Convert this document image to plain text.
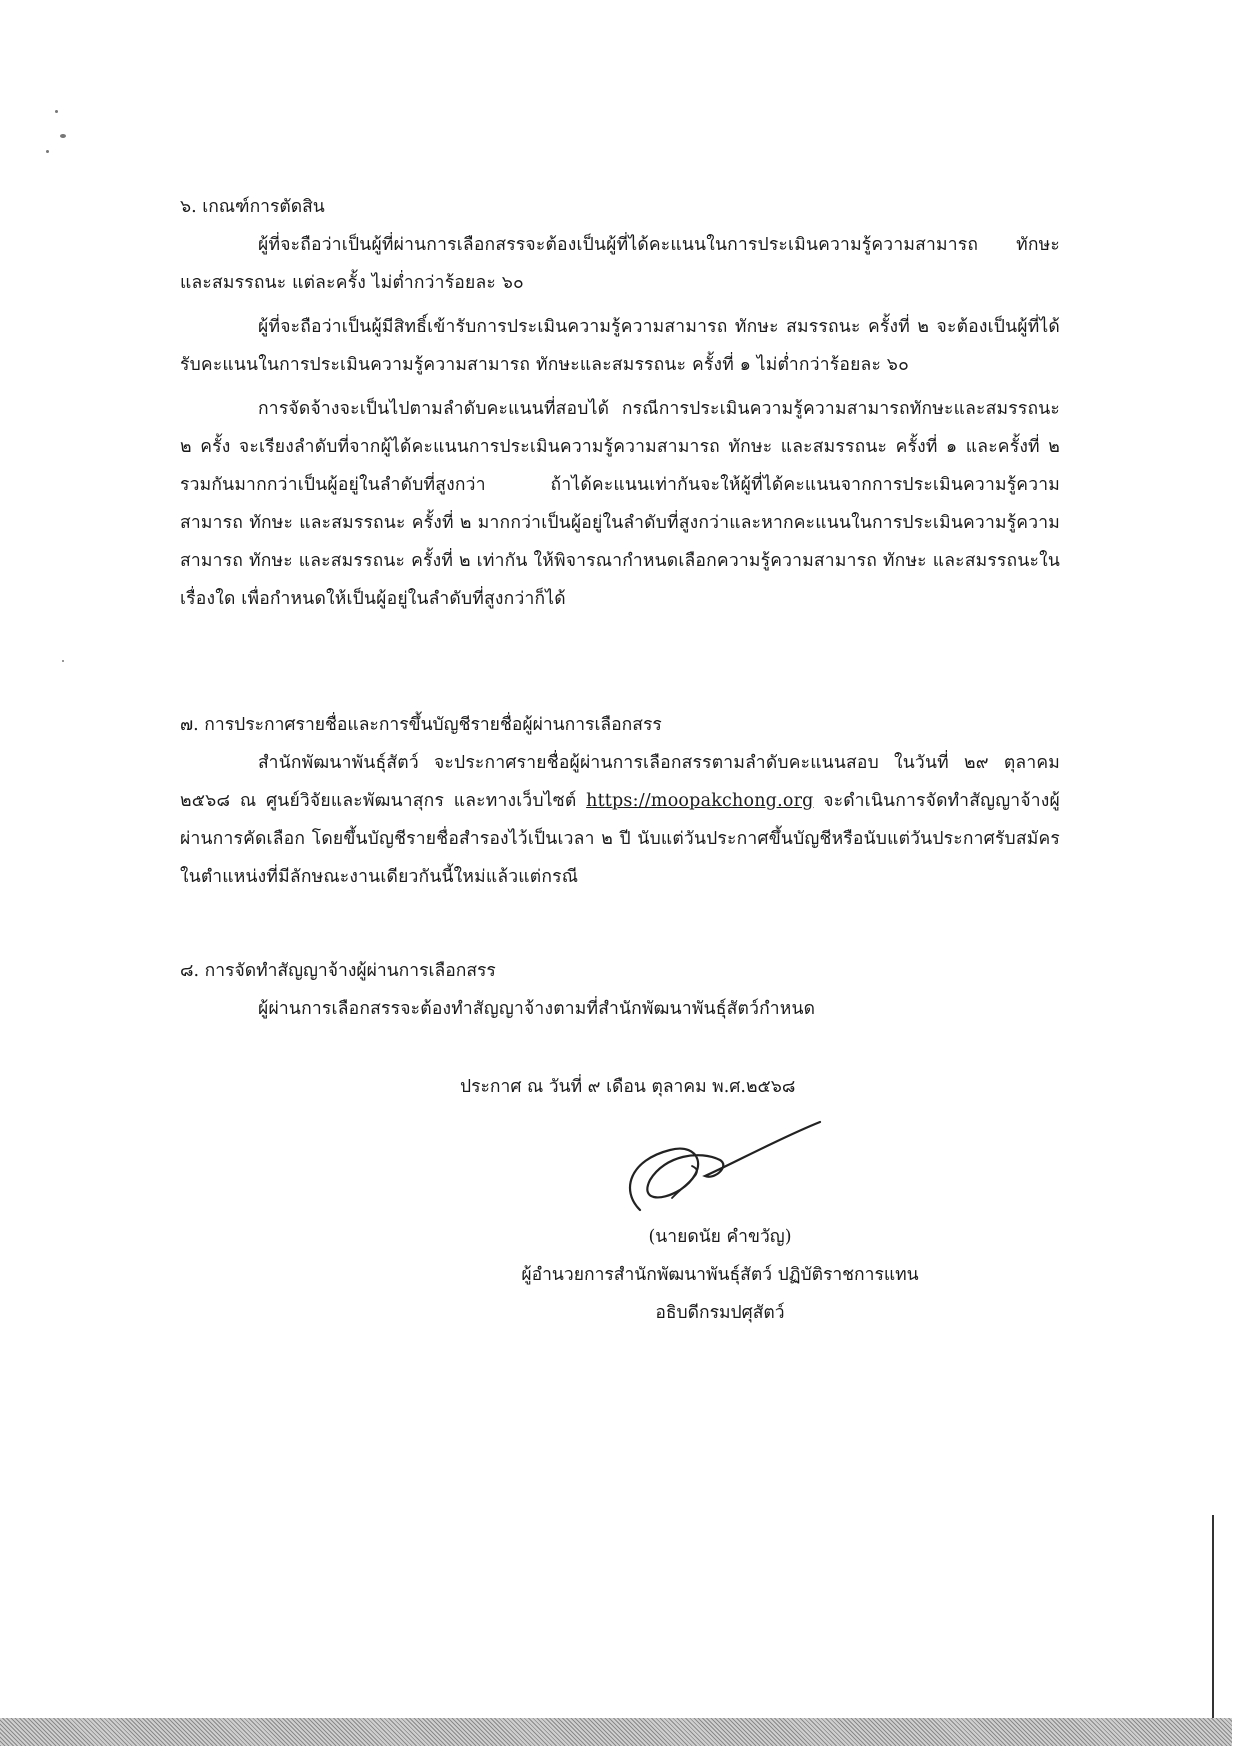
๖. เกณฑ์การตัดสิน

ผู้ที่จะถือว่าเป็นผู้ที่ผ่านการเลือกสรรจะต้องเป็นผู้ที่ได้คะแนนในการประเมินความรู้ความสามารถ ทักษะ และสมรรถนะ แต่ละครั้ง ไม่ต่ำกว่าร้อยละ ๖๐

ผู้ที่จะถือว่าเป็นผู้มีสิทธิ์เข้ารับการประเมินความรู้ความสามารถ ทักษะ สมรรถนะ ครั้งที่ ๒ จะต้องเป็นผู้ที่ได้รับคะแนนในการประเมินความรู้ความสามารถ ทักษะและสมรรถนะ ครั้งที่ ๑ ไม่ต่ำกว่าร้อยละ ๖๐

การจัดจ้างจะเป็นไปตามลำดับคะแนนที่สอบได้ กรณีการประเมินความรู้ความสามารถทักษะและสมรรถนะ ๒ ครั้ง จะเรียงลำดับที่จากผู้ได้คะแนนการประเมินความรู้ความสามารถ ทักษะ และสมรรถนะ ครั้งที่ ๑ และครั้งที่ ๒ รวมกันมากกว่าเป็นผู้อยู่ในลำดับที่สูงกว่า ถ้าได้คะแนนเท่ากันจะให้ผู้ที่ได้คะแนนจากการประเมินความรู้ความสามารถ ทักษะ และสมรรถนะ ครั้งที่ ๒ มากกว่าเป็นผู้อยู่ในลำดับที่สูงกว่าและหากคะแนนในการประเมินความรู้ความสามารถ ทักษะ และสมรรถนะ ครั้งที่ ๒ เท่ากัน ให้พิจารณากำหนดเลือกความรู้ความสามารถ ทักษะ และสมรรถนะในเรื่องใด เพื่อกำหนดให้เป็นผู้อยู่ในลำดับที่สูงกว่าก็ได้

๗. การประกาศรายชื่อและการขึ้นบัญชีรายชื่อผู้ผ่านการเลือกสรร

สำนักพัฒนาพันธุ์สัตว์ จะประกาศรายชื่อผู้ผ่านการเลือกสรรตามลำดับคะแนนสอบ ในวันที่ ๒๙ ตุลาคม ๒๕๖๘ ณ ศูนย์วิจัยและพัฒนาสุกร และทางเว็บไซต์ https://moopakchong.org จะดำเนินการจัดทำสัญญาจ้างผู้ผ่านการคัดเลือก โดยขึ้นบัญชีรายชื่อสำรองไว้เป็นเวลา ๒ ปี นับแต่วันประกาศขึ้นบัญชีหรือนับแต่วันประกาศรับสมัครในตำแหน่งที่มีลักษณะงานเดียวกันนี้ใหม่แล้วแต่กรณี

๘. การจัดทำสัญญาจ้างผู้ผ่านการเลือกสรร

ผู้ผ่านการเลือกสรรจะต้องทำสัญญาจ้างตามที่สำนักพัฒนาพันธุ์สัตว์กำหนด

ประกาศ ณ วันที่ ๙ เดือน ตุลาคม พ.ศ.๒๕๖๘
(นายดนัย คำขวัญ)
ผู้อำนวยการสำนักพัฒนาพันธุ์สัตว์ ปฏิบัติราชการแทน
อธิบดีกรมปศุสัตว์
